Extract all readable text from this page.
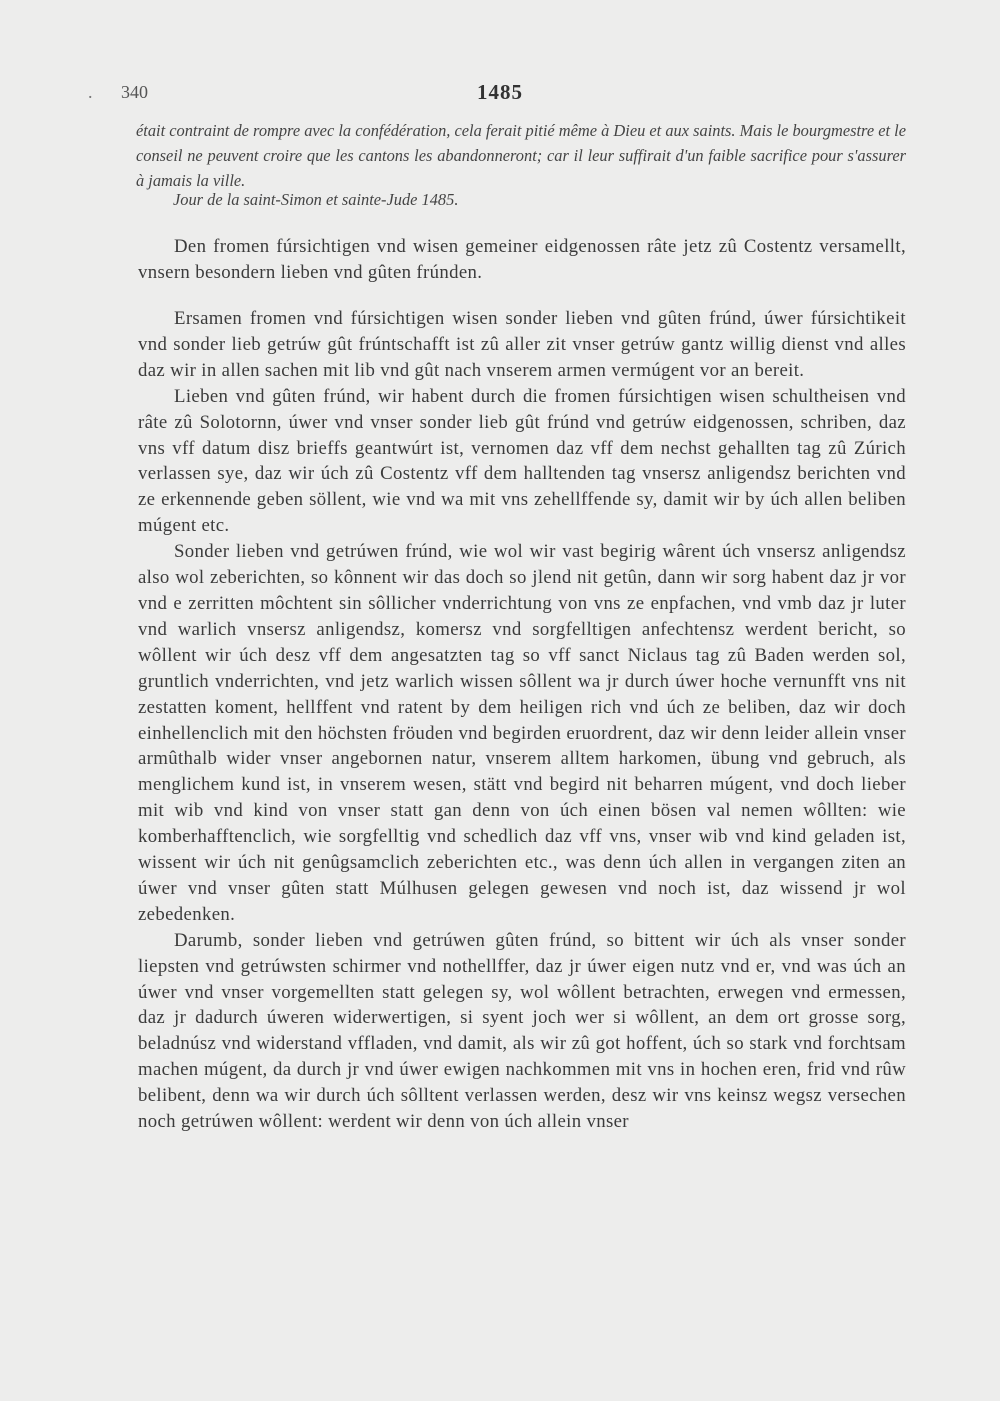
. 340	1485
était contraint de rompre avec la confédération, cela ferait pitié même à Dieu et aux saints. Mais le bourgmestre et le conseil ne peuvent croire que les cantons les abandonneront; car il leur suffirait d'un faible sacrifice pour s'assurer à jamais la ville.
Jour de la saint-Simon et sainte-Jude 1485.

Den fromen fúrsichtigen vnd wisen gemeiner eidgenossen râte jetz zû Costentz versamellt, vnsern besondern lieben vnd gûten frúnden.

Ersamen fromen vnd fúrsichtigen wisen sonder lieben vnd gûten frúnd, úwer fúrsichtikeit vnd sonder lieb getrúw gût frúntschafft ist zû aller zit vnser getrúw gantz willig dienst vnd alles daz wir in allen sachen mit lib vnd gût nach vnserem armen vermúgent vor an bereit.

Lieben vnd gûten frúnd, wir habent durch die fromen fúrsichtigen wisen schultheisen vnd râte zû Solotornn, úwer vnd vnser sonder lieb gût frúnd vnd getrúw eidgenossen, schriben, daz vns vff datum disz brieffs geantwúrt ist, vernomen daz vff dem nechst gehallten tag zû Zúrich verlassen sye, daz wir úch zû Costentz vff dem halltenden tag vnsersz anligendsz berichten vnd ze erkennende geben söllent, wie vnd wa mit vns zehellffende sy, damit wir by úch allen beliben múgent etc.

Sonder lieben vnd getrúwen frúnd, wie wol wir vast begirig wârent úch vnsersz anligendsz also wol zeberichten, so kônnent wir das doch so jlend nit getûn, dann wir sorg habent daz jr vor vnd e zerritten môchtent sin sôllicher vnderrichtung von vns ze enpfachen, vnd vmb daz jr luter vnd warlich vnsersz anligendsz, komersz vnd sorgfelltigen anfechtensz werdent bericht, so wôllent wir úch desz vff dem angesatzten tag so vff sanct Niclaus tag zû Baden werden sol, gruntlich vnderrichten, vnd jetz warlich wissen sôllent wa jr durch úwer hoche vernunfft vns nit zestatten koment, hellffent vnd ratent by dem heiligen rich vnd úch ze beliben, daz wir doch einhellenclich mit den höchsten fröuden vnd begirden eruordrent, daz wir denn leider allein vnser armûthalb wider vnser angebornen natur, vnserem alltem harkomen, übung vnd gebruch, als menglichem kund ist, in vnserem wesen, stätt vnd begird nit beharren múgent, vnd doch lieber mit wib vnd kind von vnser statt gan denn von úch einen bösen val nemen wôllten: wie komberhafftenclich, wie sorgfelltig vnd schedlich daz vff vns, vnser wib vnd kind geladen ist, wissent wir úch nit genûgsamclich zeberichten etc., was denn úch allen in vergangen ziten an úwer vnd vnser gûten statt Múlhusen gelegen gewesen vnd noch ist, daz wissend jr wol zebedenken.

Darumb, sonder lieben vnd getrúwen gûten frúnd, so bittent wir úch als vnser sonder liepsten vnd getrúwsten schirmer vnd nothellffer, daz jr úwer eigen nutz vnd er, vnd was úch an úwer vnd vnser vorgemellten statt gelegen sy, wol wôllent betrachten, erwegen vnd ermessen, daz jr dadurch úweren widerwertigen, si syent joch wer si wôllent, an dem ort grosse sorg, beladnúsz vnd widerstand vffladen, vnd damit, als wir zû got hoffent, úch so stark vnd forchtsam machen múgent, da durch jr vnd úwer ewigen nachkommen mit vns in hochen eren, frid vnd rûw belibent, denn wa wir durch úch sôlltent verlassen werden, desz wir vns keinsz wegsz versechen noch getrúwen wôllent: werdent wir denn von úch allein vnser
